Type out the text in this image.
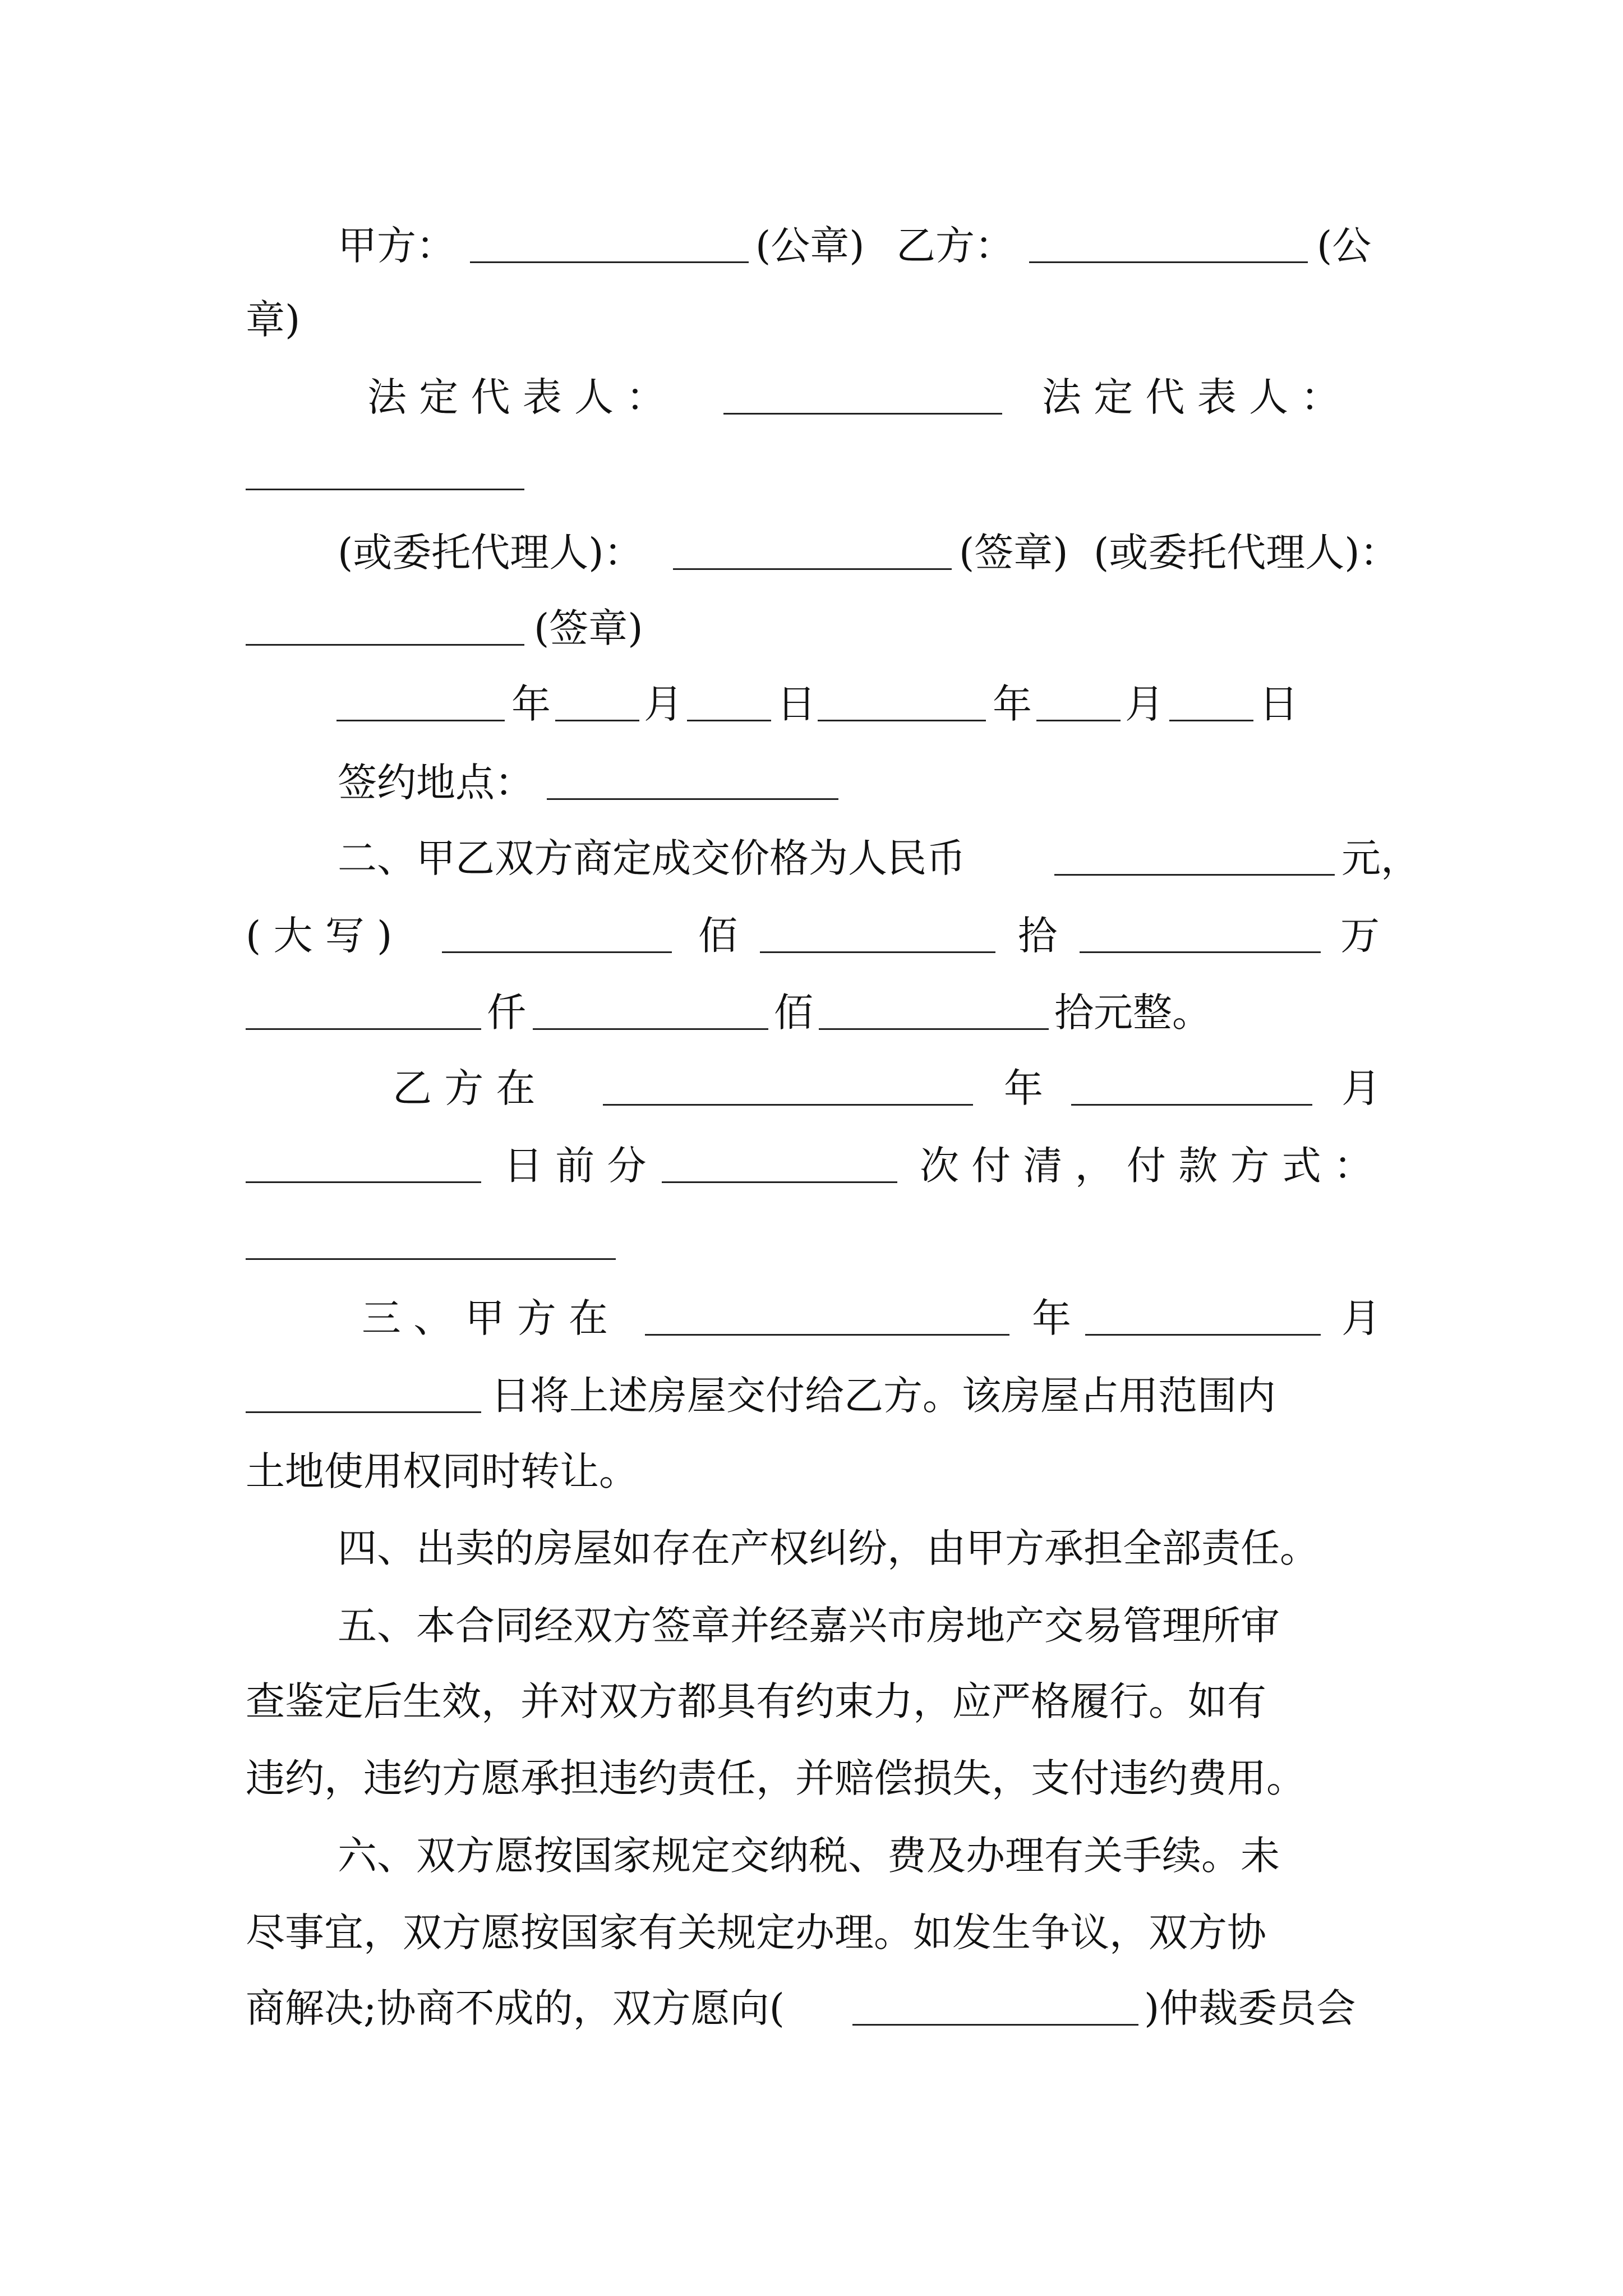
甲方：	(公章) 乙方：	(公
章)
法 定 代 表 人 ：	法 定 代 表 人 ：
(或委托代理人)：	(签章) (或委托代理人)：
(签章)
年 月 日	年 月 日
签约地点：
二、甲乙双方商定成交价格为人民币	元，
( 大 写 )	佰	拾	万
仟	佰	拾元整。
乙 方 在	年	月
日 前 分	次 付 清 ， 付 款 方 式 ：
三 、 甲 方 在	年	月
日将上述房屋交付给乙方。该房屋占用范围内
土地使用权同时转让。
四、出卖的房屋如存在产权纠纷，由甲方承担全部责任。
五、本合同经双方签章并经嘉兴市房地产交易管理所审
查鉴定后生效，并对双方都具有约束力，应严格履行。如有
违约，违约方愿承担违约责任，并赔偿损失，支付违约费用。
六、双方愿按国家规定交纳税、费及办理有关手续。未
尽事宜，双方愿按国家有关规定办理。如发生争议，双方协
商解决;协商不成的，双方愿向(	)仲裁委员会
